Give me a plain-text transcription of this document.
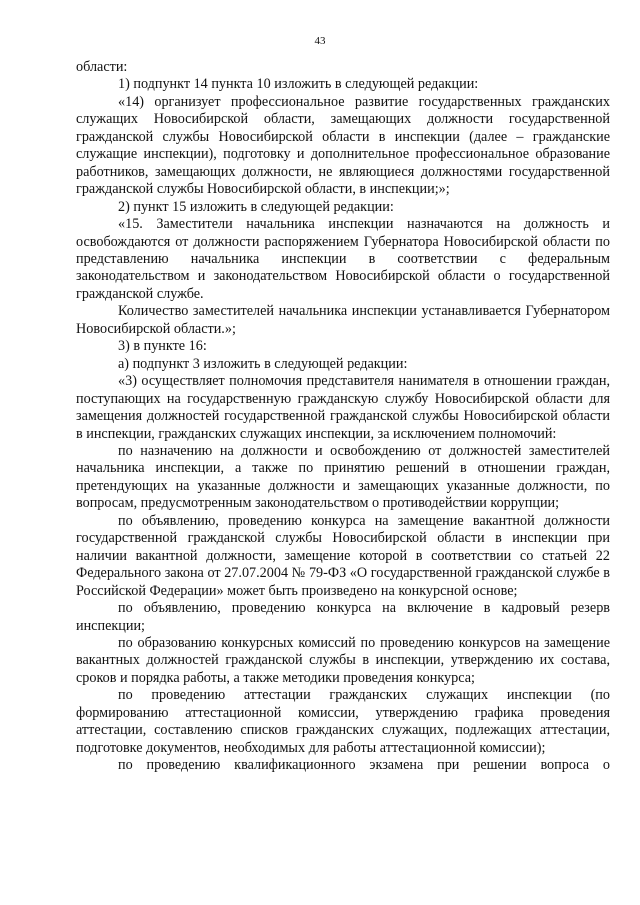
43

области:

1) подпункт 14 пункта 10 изложить в следующей редакции:

«14) организует профессиональное развитие государственных гражданских служащих Новосибирской области, замещающих должности государственной гражданской службы Новосибирской области в инспекции (далее – гражданские служащие инспекции), подготовку и дополнительное профессиональное образование работников, замещающих должности, не являющиеся должностями государственной гражданской службы Новосибирской области, в инспекции;»;

2) пункт 15 изложить в следующей редакции:

«15. Заместители начальника инспекции назначаются на должность и освобождаются от должности распоряжением Губернатора Новосибирской области по представлению начальника инспекции в соответствии с федеральным законодательством и законодательством Новосибирской области о государственной гражданской службе.

Количество заместителей начальника инспекции устанавливается Губернатором Новосибирской области.»;

3) в пункте 16:

а) подпункт 3 изложить в следующей редакции:

«3) осуществляет полномочия представителя нанимателя в отношении граждан, поступающих на государственную гражданскую службу Новосибирской области для замещения должностей государственной гражданской службы Новосибирской области в инспекции, гражданских служащих инспекции, за исключением полномочий:

по назначению на должности и освобождению от должностей заместителей начальника инспекции, а также по принятию решений в отношении граждан, претендующих на указанные должности и замещающих указанные должности, по вопросам, предусмотренным законодательством о противодействии коррупции;

по объявлению, проведению конкурса на замещение вакантной должности государственной гражданской службы Новосибирской области в инспекции при наличии вакантной должности, замещение которой в соответствии со статьей 22 Федерального закона от 27.07.2004 № 79-ФЗ «О государственной гражданской службе в Российской Федерации» может быть произведено на конкурсной основе;

по объявлению, проведению конкурса на включение в кадровый резерв инспекции;

по образованию конкурсных комиссий по проведению конкурсов на замещение вакантных должностей гражданской службы в инспекции, утверждению их состава, сроков и порядка работы, а также методики проведения конкурса;

по проведению аттестации гражданских служащих инспекции (по формированию аттестационной комиссии, утверждению графика проведения аттестации, составлению списков гражданских служащих, подлежащих аттестации, подготовке документов, необходимых для работы аттестационной комиссии);

по проведению квалификационного экзамена при решении вопроса о
